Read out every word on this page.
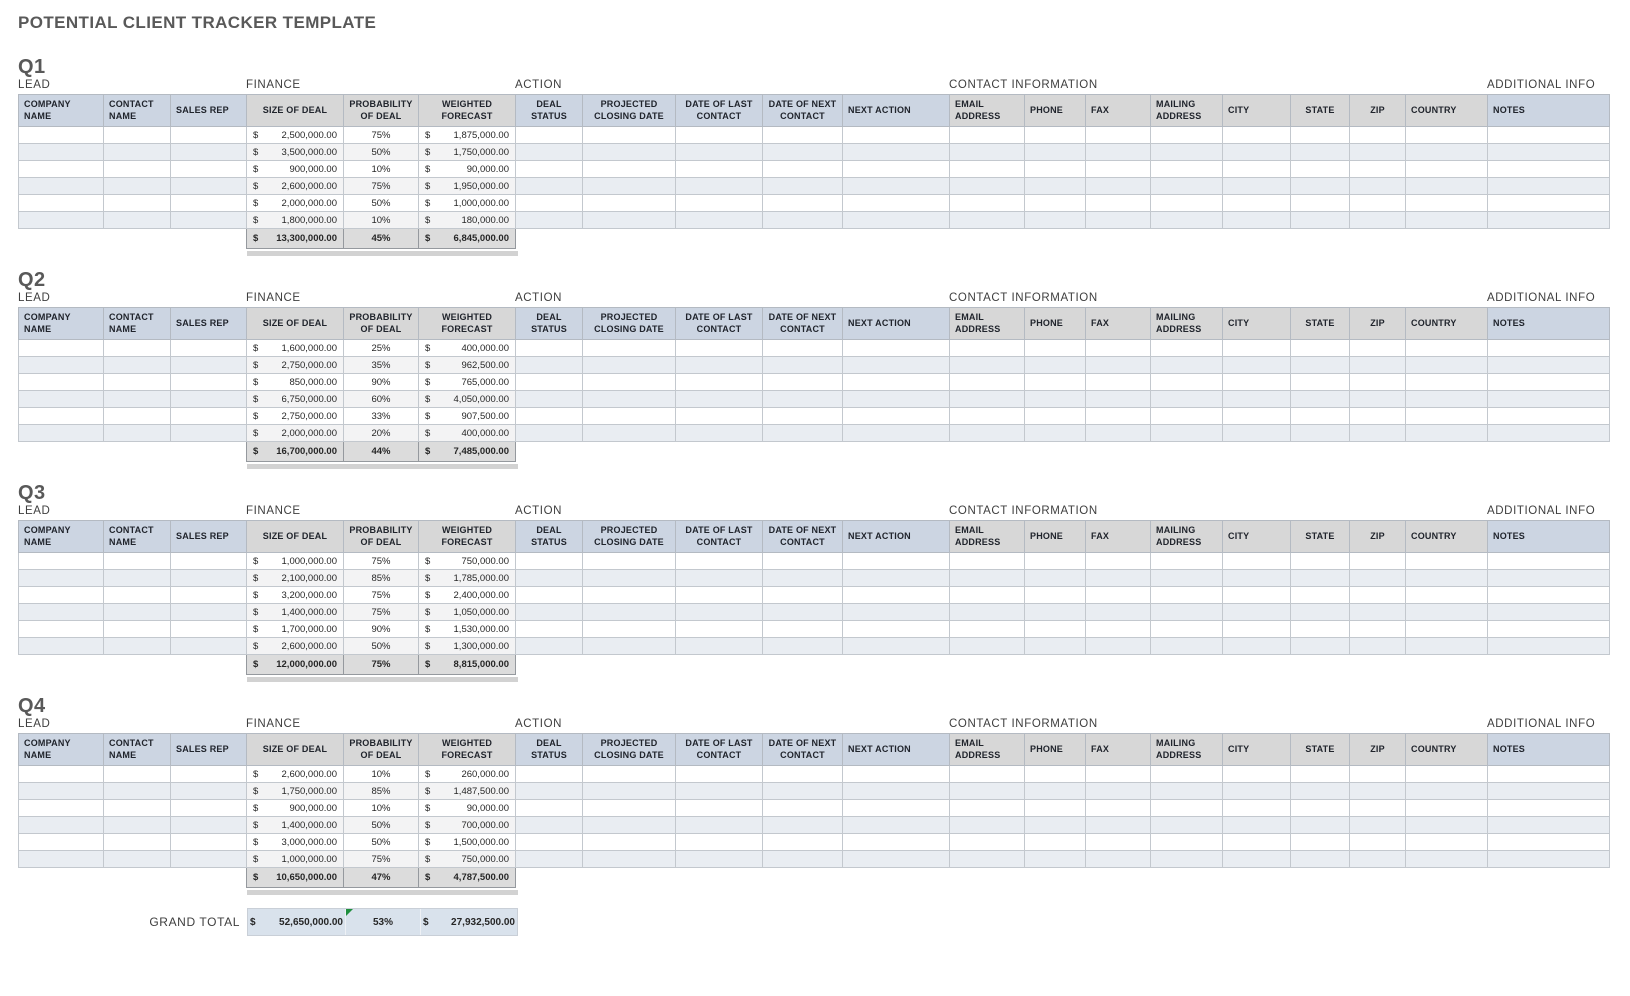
POTENTIAL CLIENT TRACKER TEMPLATE
Q1
LEAD	FINANCE	ACTION	CONTACT INFORMATION	ADDITIONAL INFO
COMPANY NAME	CONTACT NAME	SALES REP	SIZE OF DEAL	PROBABILITY OF DEAL	WEIGHTED FORECAST	DEAL STATUS	PROJECTED CLOSING DATE	DATE OF LAST CONTACT	DATE OF NEXT CONTACT	NEXT ACTION	EMAIL ADDRESS	PHONE	FAX	MAILING ADDRESS	CITY	STATE	ZIP	COUNTRY	NOTES

			$ 2,500,000.00	75%	$ 1,875,000.00														

			$ 3,500,000.00	50%	$ 1,750,000.00														

			$ 900,000.00	10%	$ 90,000.00														

			$ 2,600,000.00	75%	$ 1,950,000.00														

			$ 2,000,000.00	50%	$ 1,000,000.00														

			$ 1,800,000.00	10%	$ 180,000.00														

			$ 13,300,000.00	45%	$ 6,845,000.00														

Q2
LEAD	FINANCE	ACTION	CONTACT INFORMATION	ADDITIONAL INFO
COMPANY NAME	CONTACT NAME	SALES REP	SIZE OF DEAL	PROBABILITY OF DEAL	WEIGHTED FORECAST	DEAL STATUS	PROJECTED CLOSING DATE	DATE OF LAST CONTACT	DATE OF NEXT CONTACT	NEXT ACTION	EMAIL ADDRESS	PHONE	FAX	MAILING ADDRESS	CITY	STATE	ZIP	COUNTRY	NOTES

			$ 1,600,000.00	25%	$ 400,000.00														

			$ 2,750,000.00	35%	$ 962,500.00														

			$ 850,000.00	90%	$ 765,000.00														

			$ 6,750,000.00	60%	$ 4,050,000.00														

			$ 2,750,000.00	33%	$ 907,500.00														

			$ 2,000,000.00	20%	$ 400,000.00														

			$ 16,700,000.00	44%	$ 7,485,000.00														

Q3
LEAD	FINANCE	ACTION	CONTACT INFORMATION	ADDITIONAL INFO
COMPANY NAME	CONTACT NAME	SALES REP	SIZE OF DEAL	PROBABILITY OF DEAL	WEIGHTED FORECAST	DEAL STATUS	PROJECTED CLOSING DATE	DATE OF LAST CONTACT	DATE OF NEXT CONTACT	NEXT ACTION	EMAIL ADDRESS	PHONE	FAX	MAILING ADDRESS	CITY	STATE	ZIP	COUNTRY	NOTES

			$ 1,000,000.00	75%	$ 750,000.00														

			$ 2,100,000.00	85%	$ 1,785,000.00														

			$ 3,200,000.00	75%	$ 2,400,000.00														

			$ 1,400,000.00	75%	$ 1,050,000.00														

			$ 1,700,000.00	90%	$ 1,530,000.00														

			$ 2,600,000.00	50%	$ 1,300,000.00														

			$ 12,000,000.00	75%	$ 8,815,000.00														

Q4
LEAD	FINANCE	ACTION	CONTACT INFORMATION	ADDITIONAL INFO
COMPANY NAME	CONTACT NAME	SALES REP	SIZE OF DEAL	PROBABILITY OF DEAL	WEIGHTED FORECAST	DEAL STATUS	PROJECTED CLOSING DATE	DATE OF LAST CONTACT	DATE OF NEXT CONTACT	NEXT ACTION	EMAIL ADDRESS	PHONE	FAX	MAILING ADDRESS	CITY	STATE	ZIP	COUNTRY	NOTES

			$ 2,600,000.00	10%	$ 260,000.00														

			$ 1,750,000.00	85%	$ 1,487,500.00														

			$ 900,000.00	10%	$ 90,000.00														

			$ 1,400,000.00	50%	$ 700,000.00														

			$ 3,000,000.00	50%	$ 1,500,000.00														

			$ 1,000,000.00	75%	$ 750,000.00														

			$ 10,650,000.00	47%	$ 4,787,500.00														

GRAND TOTAL	$ 52,650,000.00	53%	$ 27,932,500.00
